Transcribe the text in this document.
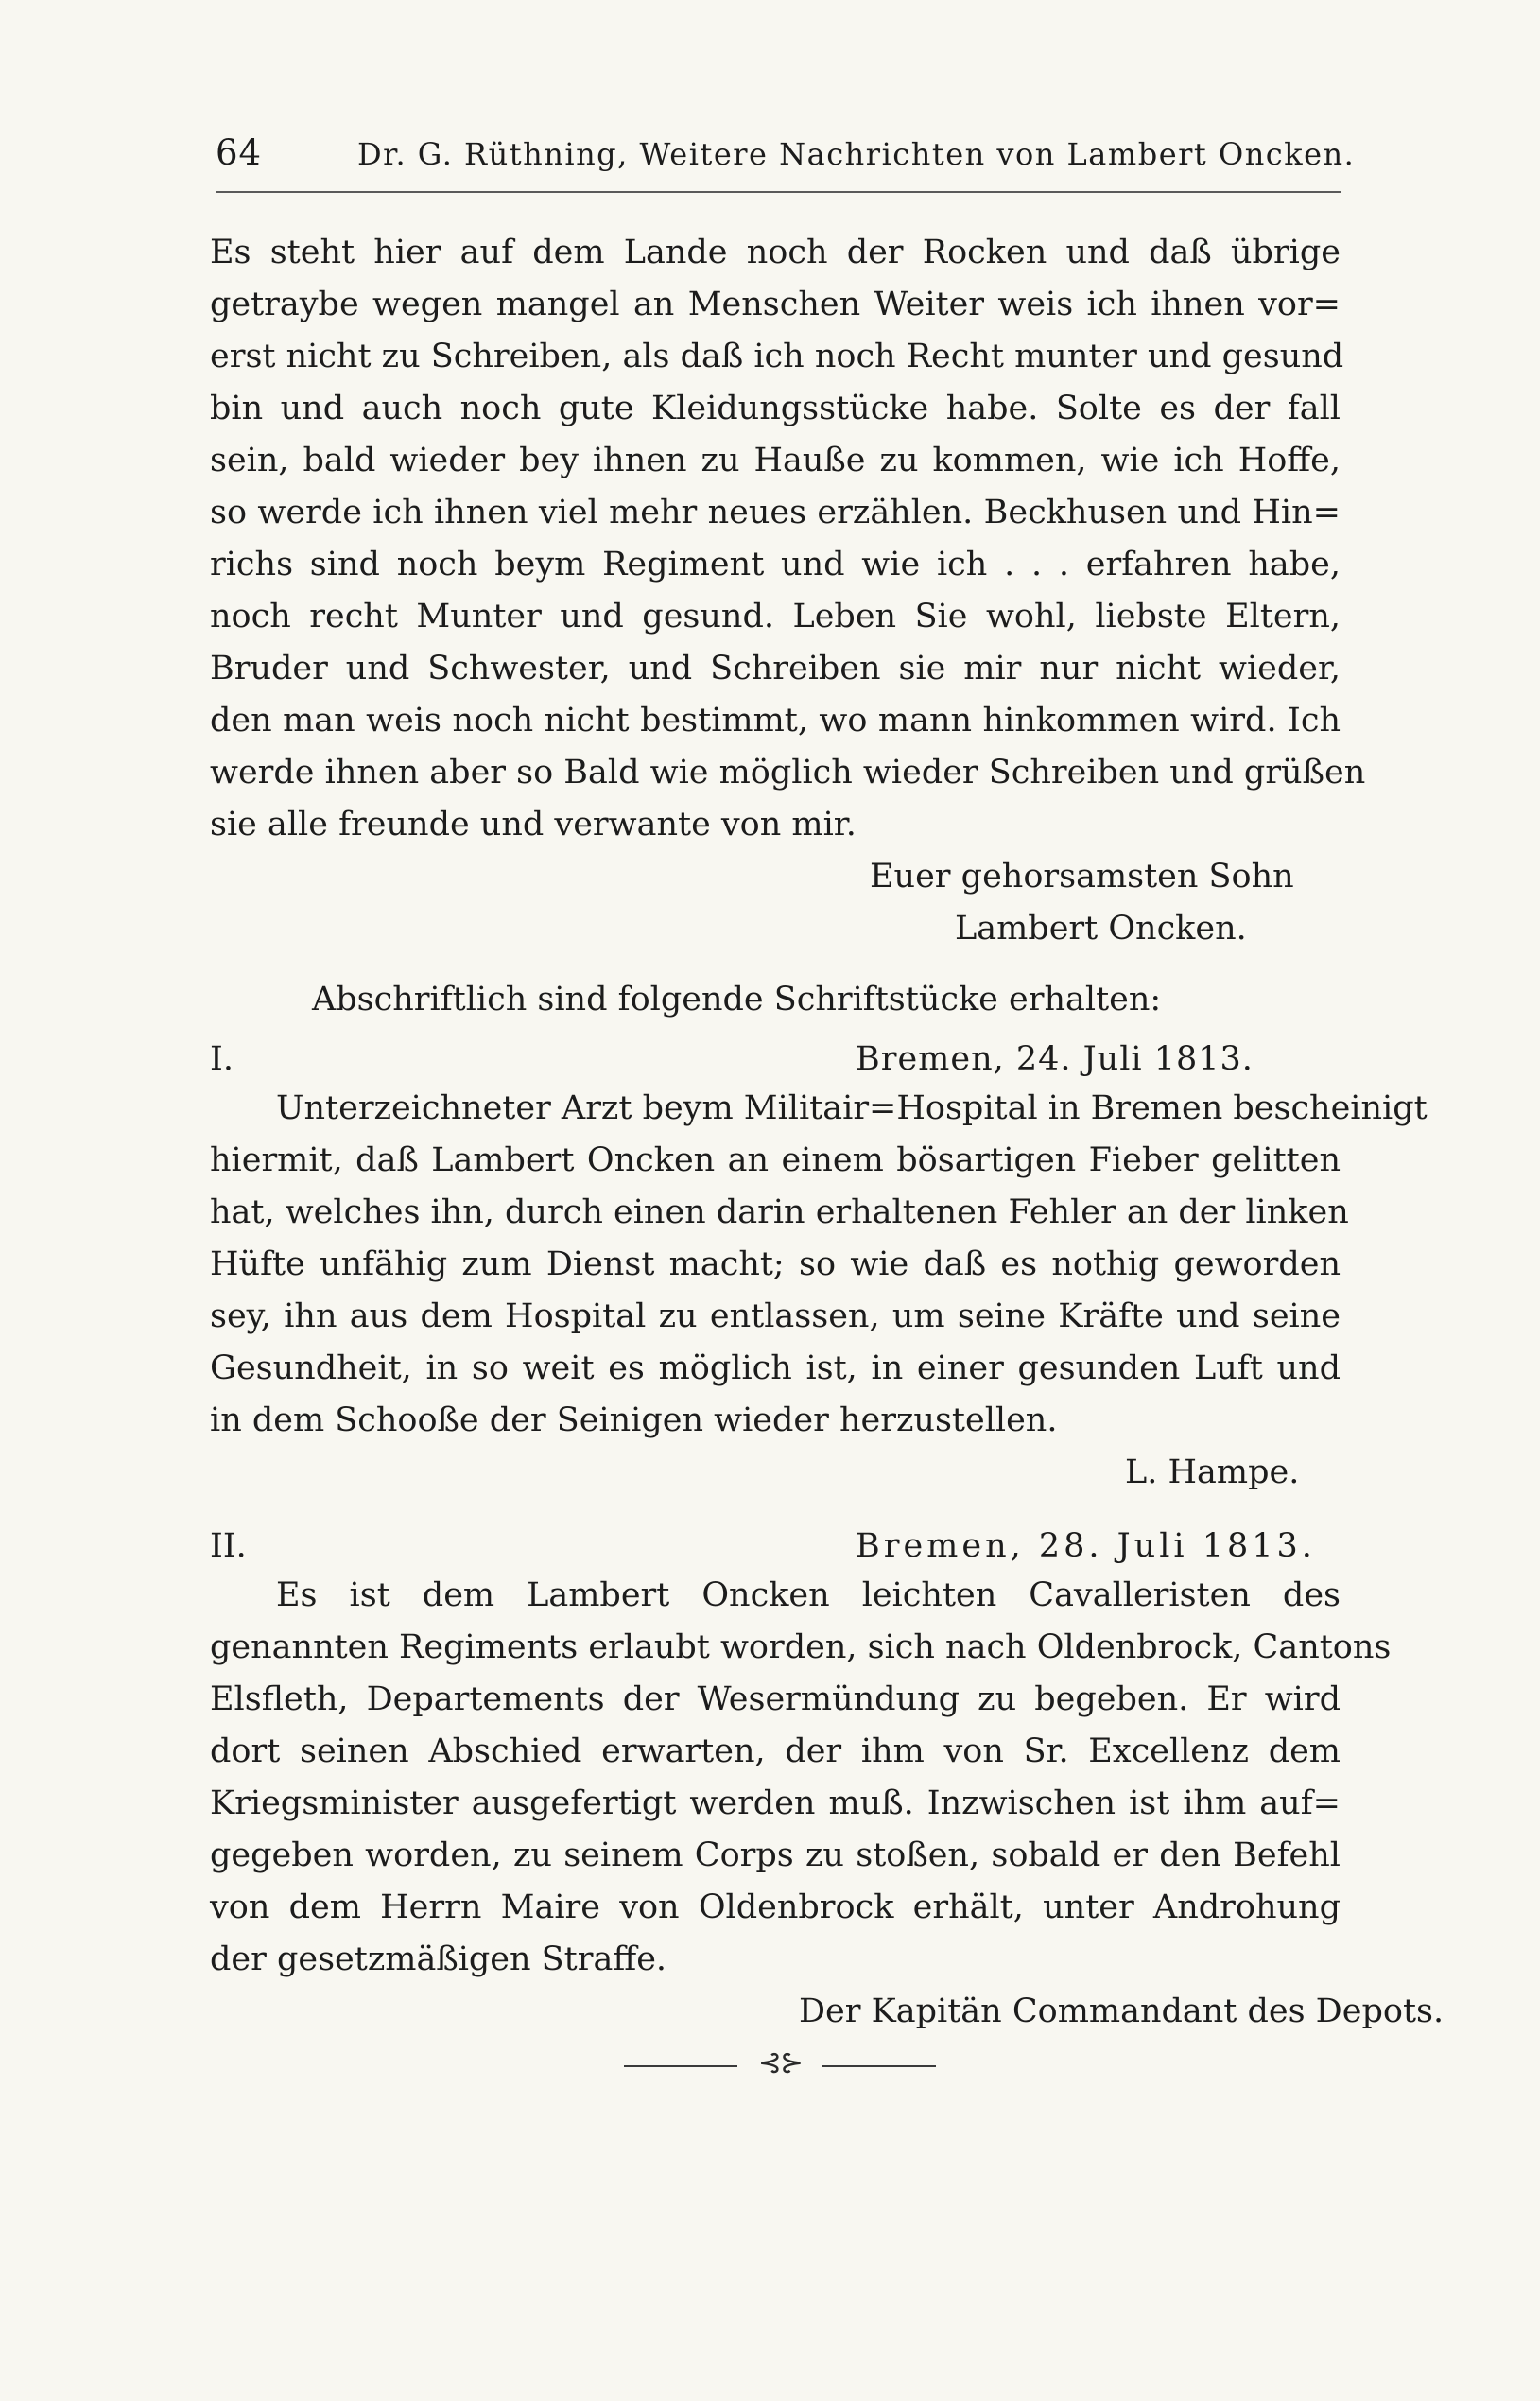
64	Dr. G. Rüthning, Weitere Nachrichten von Lambert Oncken.
Es steht hier auf dem Lande noch der Rocken und daß übrige
getraybe wegen mangel an Menschen Weiter weis ich ihnen vor=
erst nicht zu Schreiben, als daß ich noch Recht munter und gesund
bin und auch noch gute Kleidungsstücke habe. Solte es der fall
sein, bald wieder bey ihnen zu Hauße zu kommen, wie ich Hoffe,
so werde ich ihnen viel mehr neues erzählen. Beckhusen und Hin=
richs sind noch beym Regiment und wie ich . . . erfahren habe,
noch recht Munter und gesund. Leben Sie wohl, liebste Eltern,
Bruder und Schwester, und Schreiben sie mir nur nicht wieder,
den man weis noch nicht bestimmt, wo mann hinkommen wird. Ich
werde ihnen aber so Bald wie möglich wieder Schreiben und grüßen
sie alle freunde und verwante von mir.
Euer gehorsamsten Sohn
Lambert Oncken.
Abschriftlich sind folgende Schriftstücke erhalten:
I.	Bremen, 24. Juli 1813.
Unterzeichneter Arzt beym Militair=Hospital in Bremen bescheinigt
hiermit, daß Lambert Oncken an einem bösartigen Fieber gelitten
hat, welches ihn, durch einen darin erhaltenen Fehler an der linken
Hüfte unfähig zum Dienst macht; so wie daß es nothig geworden
sey, ihn aus dem Hospital zu entlassen, um seine Kräfte und seine
Gesundheit, in so weit es möglich ist, in einer gesunden Luft und
in dem Schooße der Seinigen wieder herzustellen.
L. Hampe.
II.	Bremen, 28. Juli 1813.
Es ist dem Lambert Oncken leichten Cavalleristen des
genannten Regiments erlaubt worden, sich nach Oldenbrock, Cantons
Elsfleth, Departements der Wesermündung zu begeben. Er wird
dort seinen Abschied erwarten, der ihm von Sr. Excellenz dem
Kriegsminister ausgefertigt werden muß. Inzwischen ist ihm auf=
gegeben worden, zu seinem Corps zu stoßen, sobald er den Befehl
von dem Herrn Maire von Oldenbrock erhält, unter Androhung
der gesetzmäßigen Straffe.
Der Kapitän Commandant des Depots.
⊰⊱
